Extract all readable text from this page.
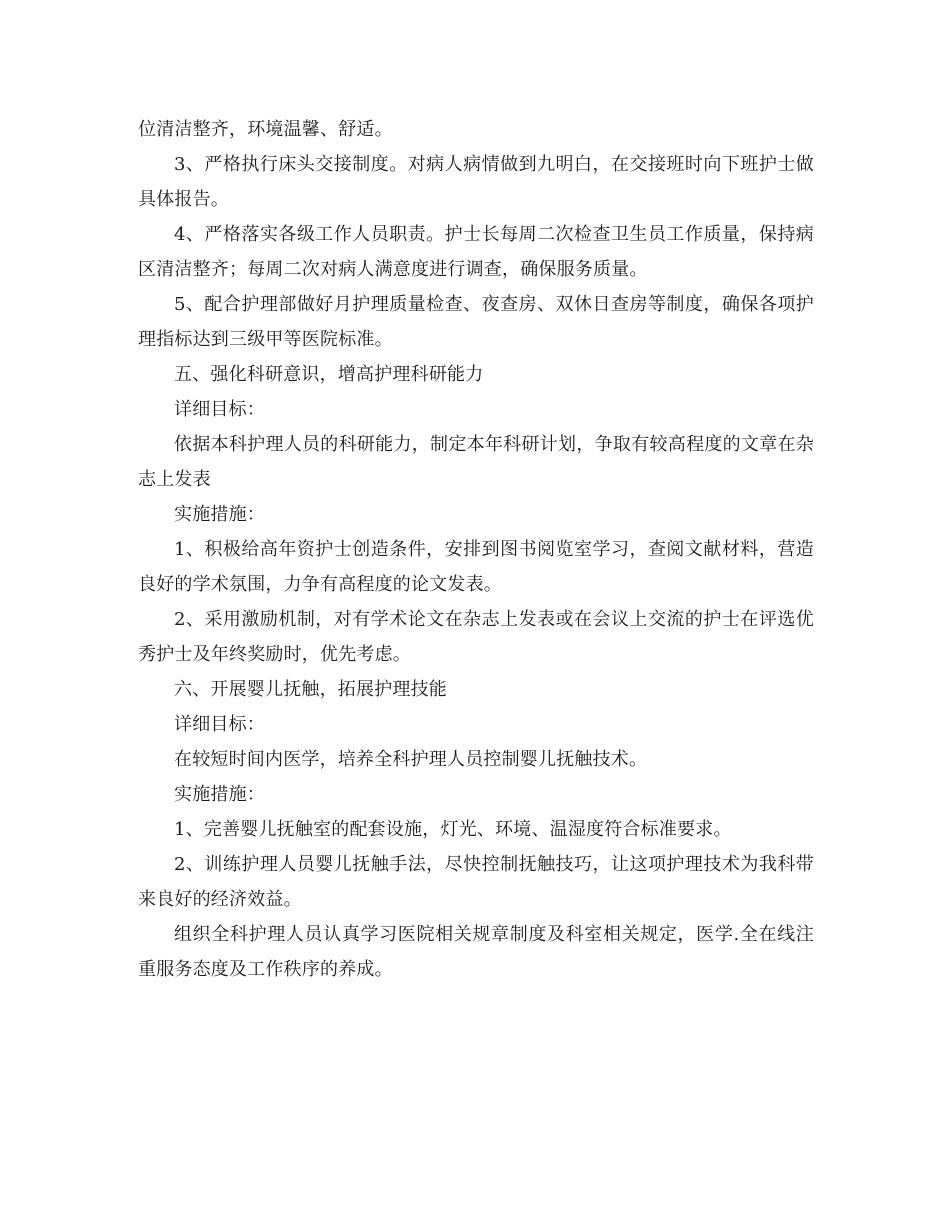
位清洁整齐，环境温馨、舒适。

3、严格执行床头交接制度。对病人病情做到九明白，在交接班时向下班护士做具体报告。

4、严格落实各级工作人员职责。护士长每周二次检查卫生员工作质量，保持病区清洁整齐；每周二次对病人满意度进行调查，确保服务质量。

5、配合护理部做好月护理质量检查、夜查房、双休日查房等制度，确保各项护理指标达到三级甲等医院标准。

五、强化科研意识，增高护理科研能力

详细目标：

依据本科护理人员的科研能力，制定本年科研计划，争取有较高程度的文章在杂志上发表

实施措施：

1、积极给高年资护士创造条件，安排到图书阅览室学习，查阅文献材料，营造良好的学术氛围，力争有高程度的论文发表。

2、采用激励机制，对有学术论文在杂志上发表或在会议上交流的护士在评选优秀护士及年终奖励时，优先考虑。

六、开展婴儿抚触，拓展护理技能

详细目标：

在较短时间内医学，培养全科护理人员控制婴儿抚触技术。

实施措施：

1、完善婴儿抚触室的配套设施，灯光、环境、温湿度符合标准要求。

2、训练护理人员婴儿抚触手法，尽快控制抚触技巧，让这项护理技术为我科带来良好的经济效益。

组织全科护理人员认真学习医院相关规章制度及科室相关规定，医学.全在线注重服务态度及工作秩序的养成。
